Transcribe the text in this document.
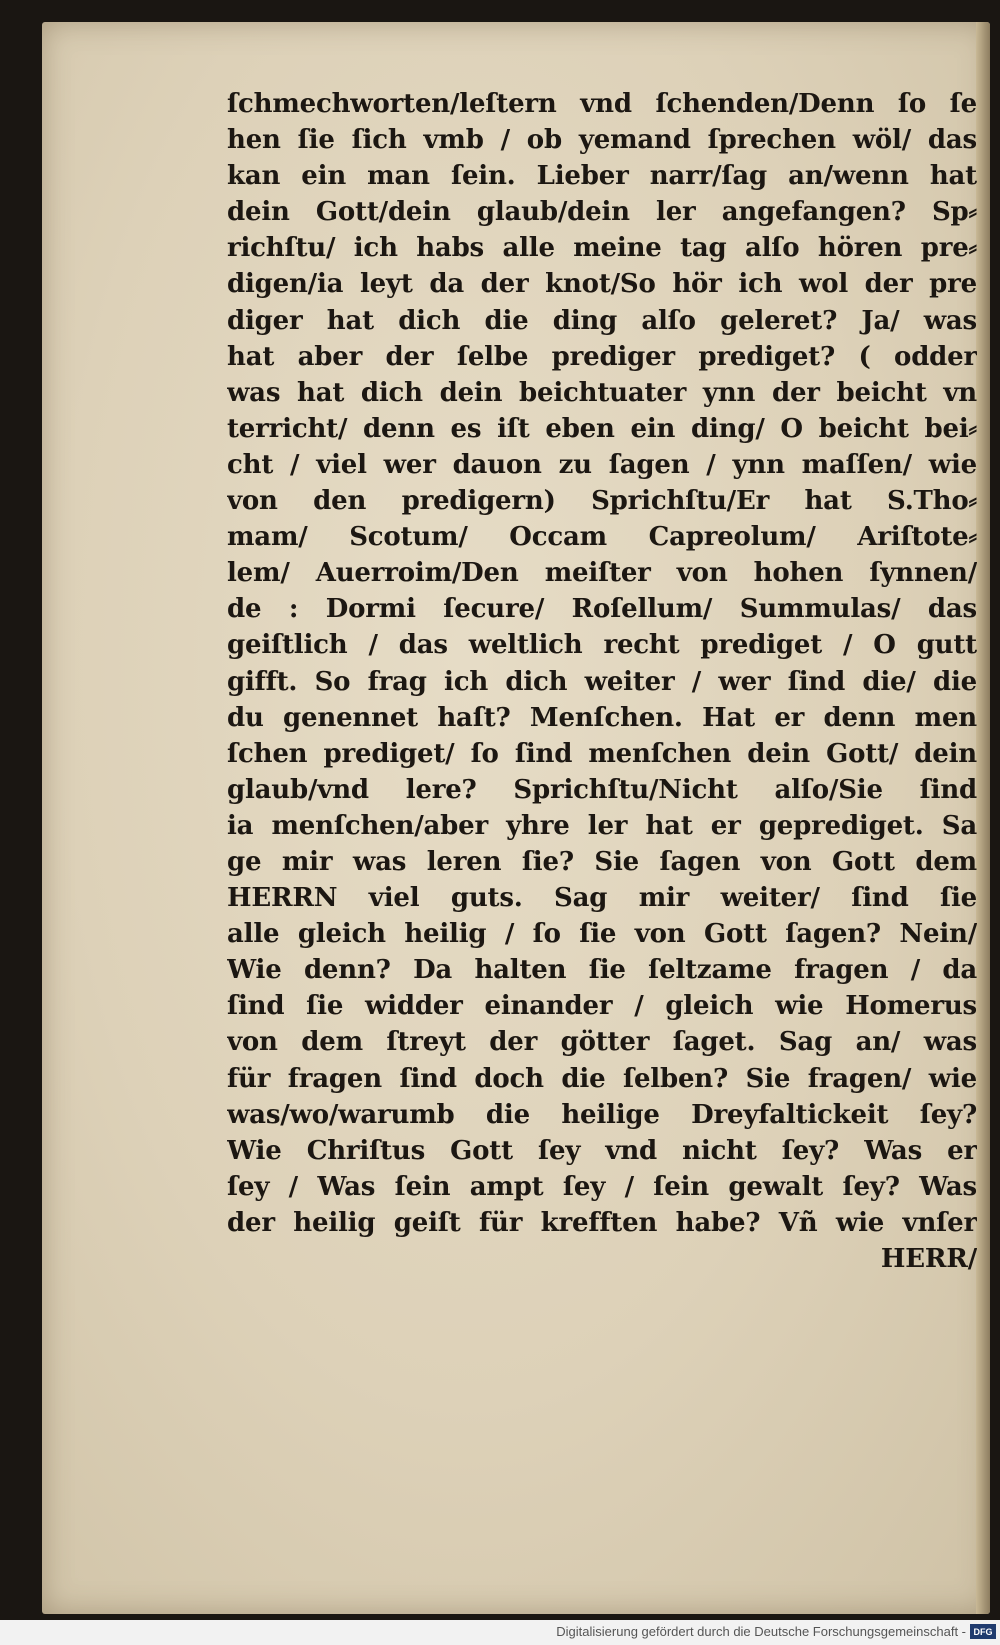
ſchmechworten/leſtern vnd ſchenden/Denn ſo ſe
hen ſie ſich vmb / ob yemand ſprechen wöl/ das
kan ein man ſein. Lieber narr/ſag an/wenn hat
dein Gott/dein glaub/dein ler angefangen? Sp⸗
richſtu/ ich habs alle meine tag alſo hören pre⸗
digen/ia leyt da der knot/So hör ich wol der pre
diger hat dich die ding alſo geleret? Ja/ was
hat aber der ſelbe prediger prediget? ( odder
was hat dich dein beichtuater ynn der beicht vn
terricht/ denn es iſt eben ein ding/ O beicht bei⸗
cht / viel wer dauon zu ſagen / ynn maſſen/ wie
von den predigern) Sprichſtu/Er hat S.Tho⸗
mam/ Scotum/ Occam Capreolum/ Ariſtote⸗
lem/ Auerroim/Den meiſter von hohen ſynnen/
de : Dormi ſecure/ Roſellum/ Summulas/ das
geiſtlich / das weltlich recht prediget / O gutt
gifft. So frag ich dich weiter / wer ſind die/ die
du genennet haſt? Menſchen. Hat er denn men
ſchen prediget/ ſo ſind menſchen dein Gott/ dein
glaub/vnd lere? Sprichſtu/Nicht alſo/Sie ſind
ia menſchen/aber yhre ler hat er geprediget. Sa
ge mir was leren ſie? Sie ſagen von Gott dem
HERRN viel guts. Sag mir weiter/ ſind ſie
alle gleich heilig / ſo ſie von Gott ſagen? Nein/
Wie denn? Da halten ſie ſeltzame fragen / da
ſind ſie widder einander / gleich wie Homerus
von dem ſtreyt der götter ſaget. Sag an/ was
für fragen ſind doch die ſelben? Sie fragen/ wie
was/wo/warumb die heilige Dreyfaltickeit ſey?
Wie Chriſtus Gott ſey vnd nicht ſey? Was er
ſey / Was ſein ampt ſey / ſein gewalt ſey? Was
der heilig geiſt für krefften habe? Vñ wie vnſer
HERR/
Digitalisierung gefördert durch die Deutsche Forschungsgemeinschaft - DFG
